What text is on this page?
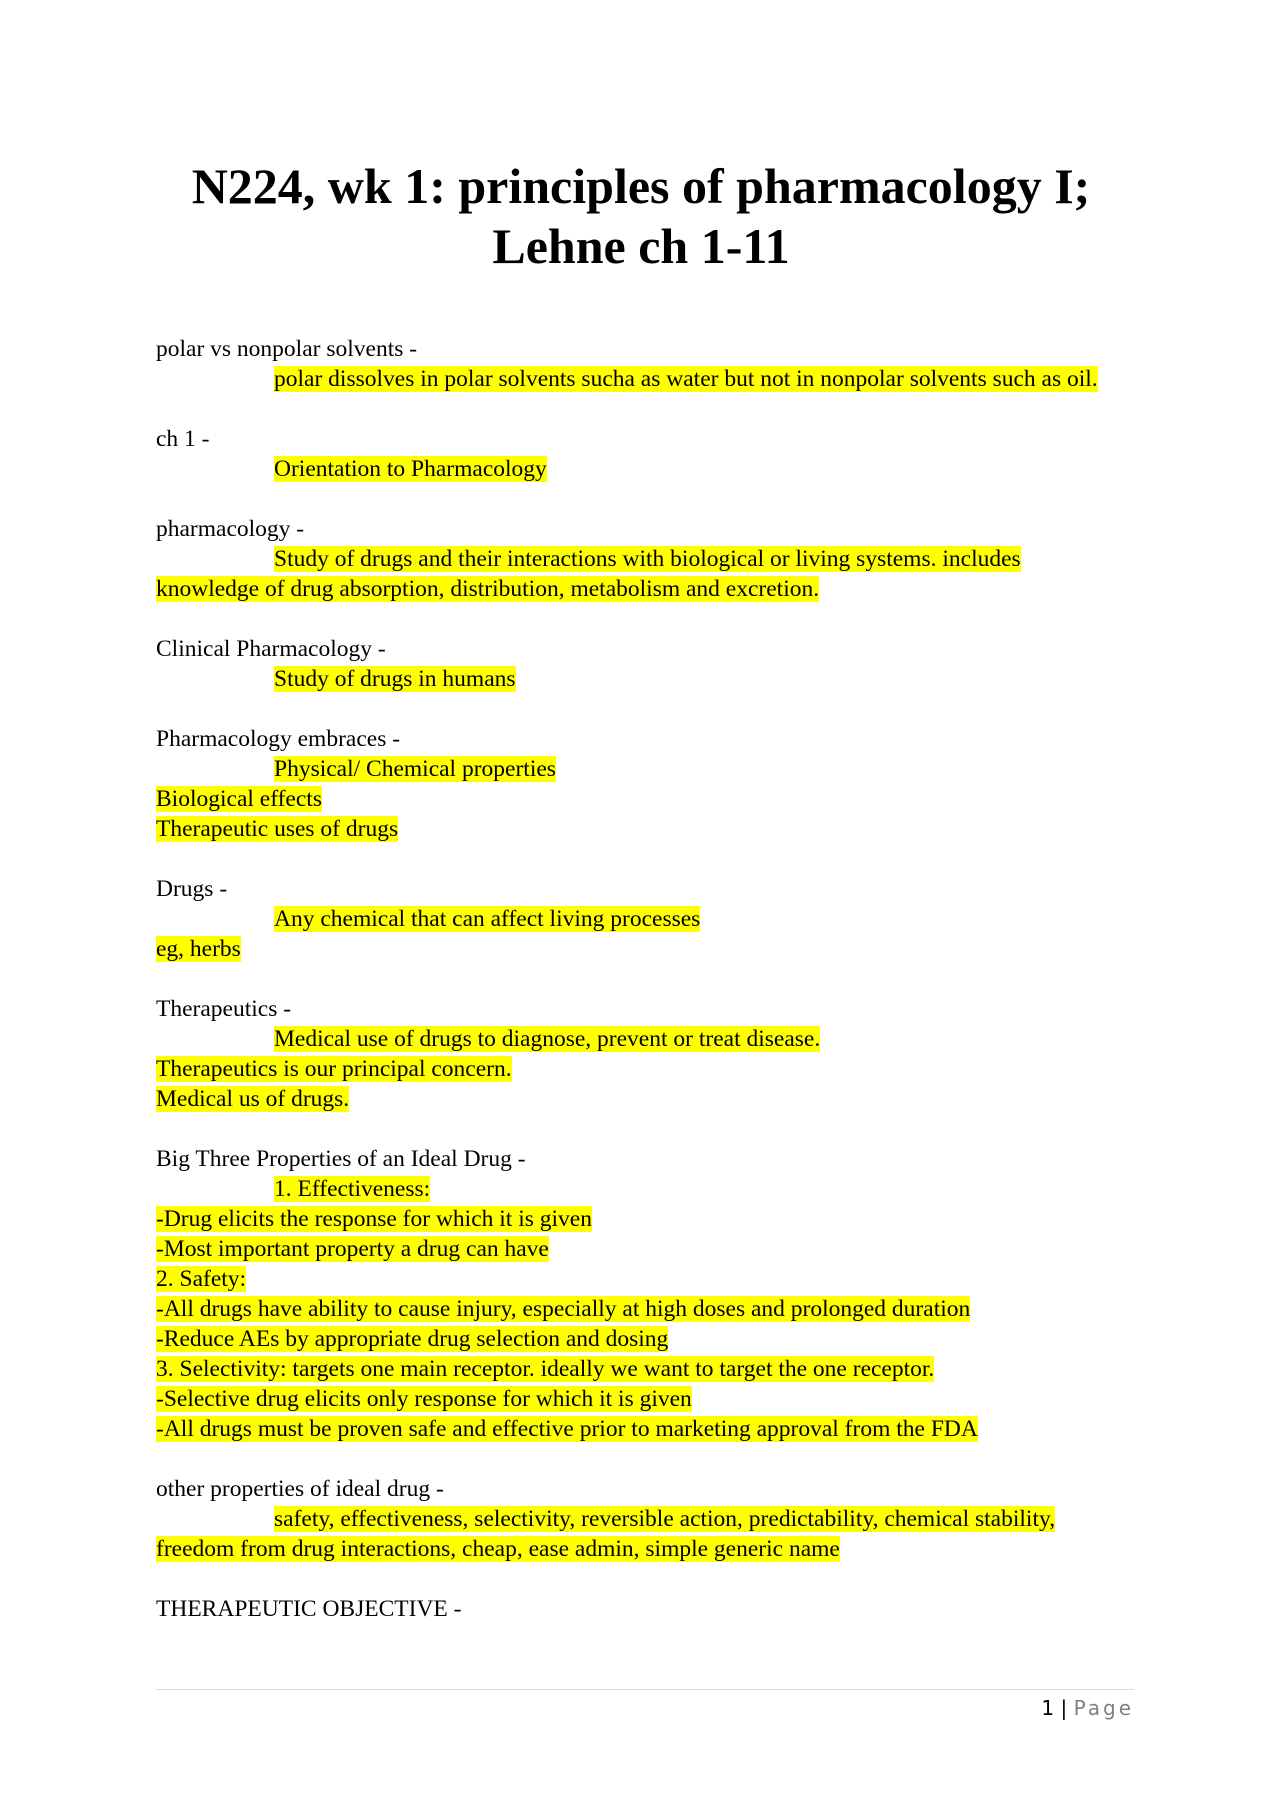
N224, wk 1: principles of pharmacology I;
Lehne ch 1-11
polar vs nonpolar solvents -

polar dissolves in polar solvents sucha as water but not in nonpolar solvents such as oil.

ch 1 -

Orientation to Pharmacology

pharmacology -

Study of drugs and their interactions with biological or living systems. includes knowledge of drug absorption, distribution, metabolism and excretion.

Clinical Pharmacology -

Study of drugs in humans

Pharmacology embraces -

Physical/ Chemical properties
Biological effects
Therapeutic uses of drugs

Drugs -

Any chemical that can affect living processes
eg, herbs

Therapeutics -

Medical use of drugs to diagnose, prevent or treat disease.
Therapeutics is our principal concern.
Medical us of drugs.

Big Three Properties of an Ideal Drug -

1. Effectiveness:
-Drug elicits the response for which it is given
-Most important property a drug can have
2. Safety:
-All drugs have ability to cause injury, especially at high doses and prolonged duration
-Reduce AEs by appropriate drug selection and dosing
3. Selectivity: targets one main receptor. ideally we want to target the one receptor.
-Selective drug elicits only response for which it is given
-All drugs must be proven safe and effective prior to marketing approval from the FDA

other properties of ideal drug -

safety, effectiveness, selectivity, reversible action, predictability, chemical stability, freedom from drug interactions, cheap, ease admin, simple generic name

THERAPEUTIC OBJECTIVE -
1 | Page
